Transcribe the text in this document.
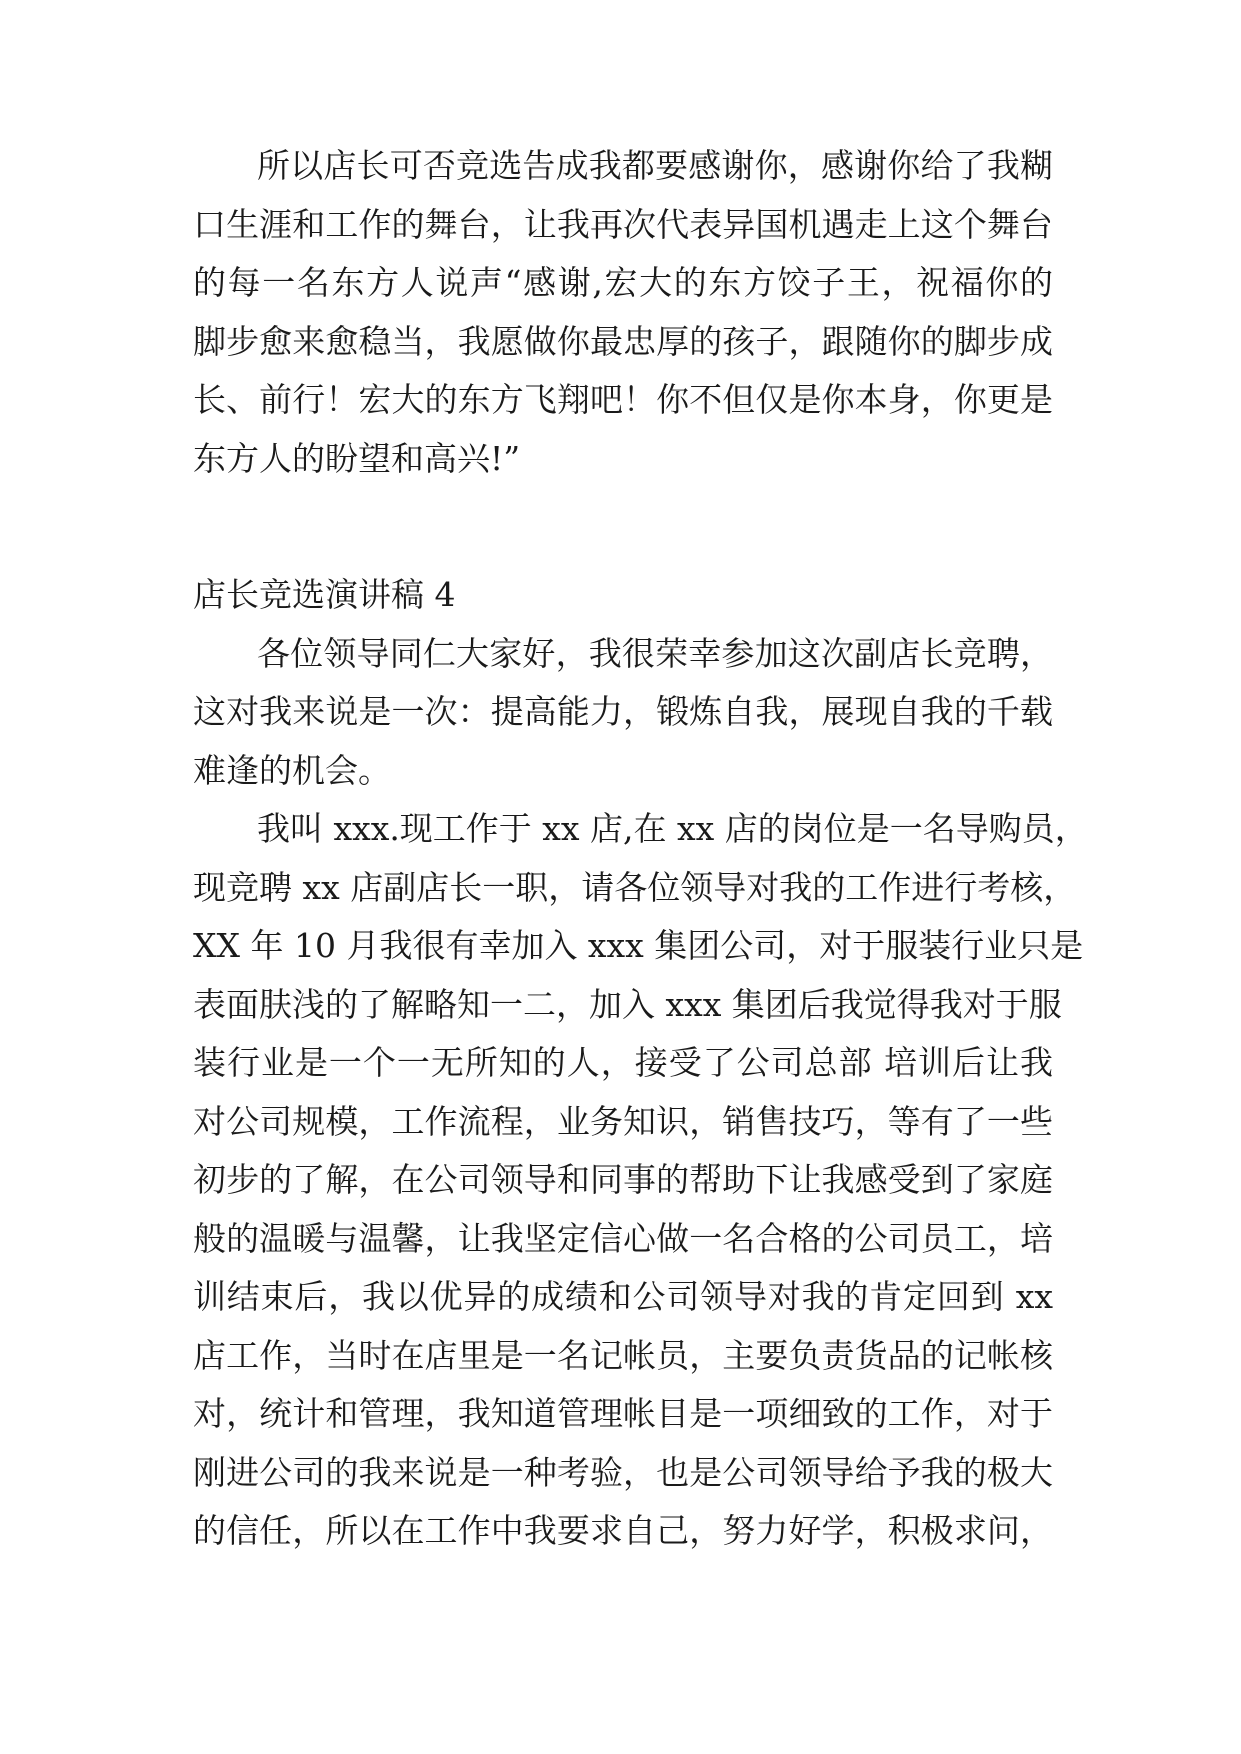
所以店长可否竞选告成我都要感谢你，感谢你给了我糊
口生涯和工作的舞台，让我再次代表异国机遇走上这个舞台
的每一名东方人说声“感谢,宏大的东方饺子王，祝福你的
脚步愈来愈稳当，我愿做你最忠厚的孩子，跟随你的脚步成
长、前行！宏大的东方飞翔吧！你不但仅是你本身，你更是
东方人的盼望和高兴!”
店长竞选演讲稿 4
各位领导同仁大家好，我很荣幸参加这次副店长竞聘，
这对我来说是一次：提高能力，锻炼自我，展现自我的千载
难逢的机会。
我叫 xxx.现工作于 xx 店,在 xx 店的岗位是一名导购员，
现竞聘 xx 店副店长一职，请各位领导对我的工作进行考核，
XX 年 10 月我很有幸加入 xxx 集团公司，对于服装行业只是
表面肤浅的了解略知一二，加入 xxx 集团后我觉得我对于服
装行业是一个一无所知的人，接受了公司总部 培训后让我
对公司规模，工作流程，业务知识，销售技巧，等有了一些
初步的了解，在公司领导和同事的帮助下让我感受到了家庭
般的温暖与温馨，让我坚定信心做一名合格的公司员工，培
训结束后，我以优异的成绩和公司领导对我的肯定回到 xx
店工作，当时在店里是一名记帐员，主要负责货品的记帐核
对，统计和管理，我知道管理帐目是一项细致的工作，对于
刚进公司的我来说是一种考验，也是公司领导给予我的极大
的信任，所以在工作中我要求自己，努力好学，积极求问，
